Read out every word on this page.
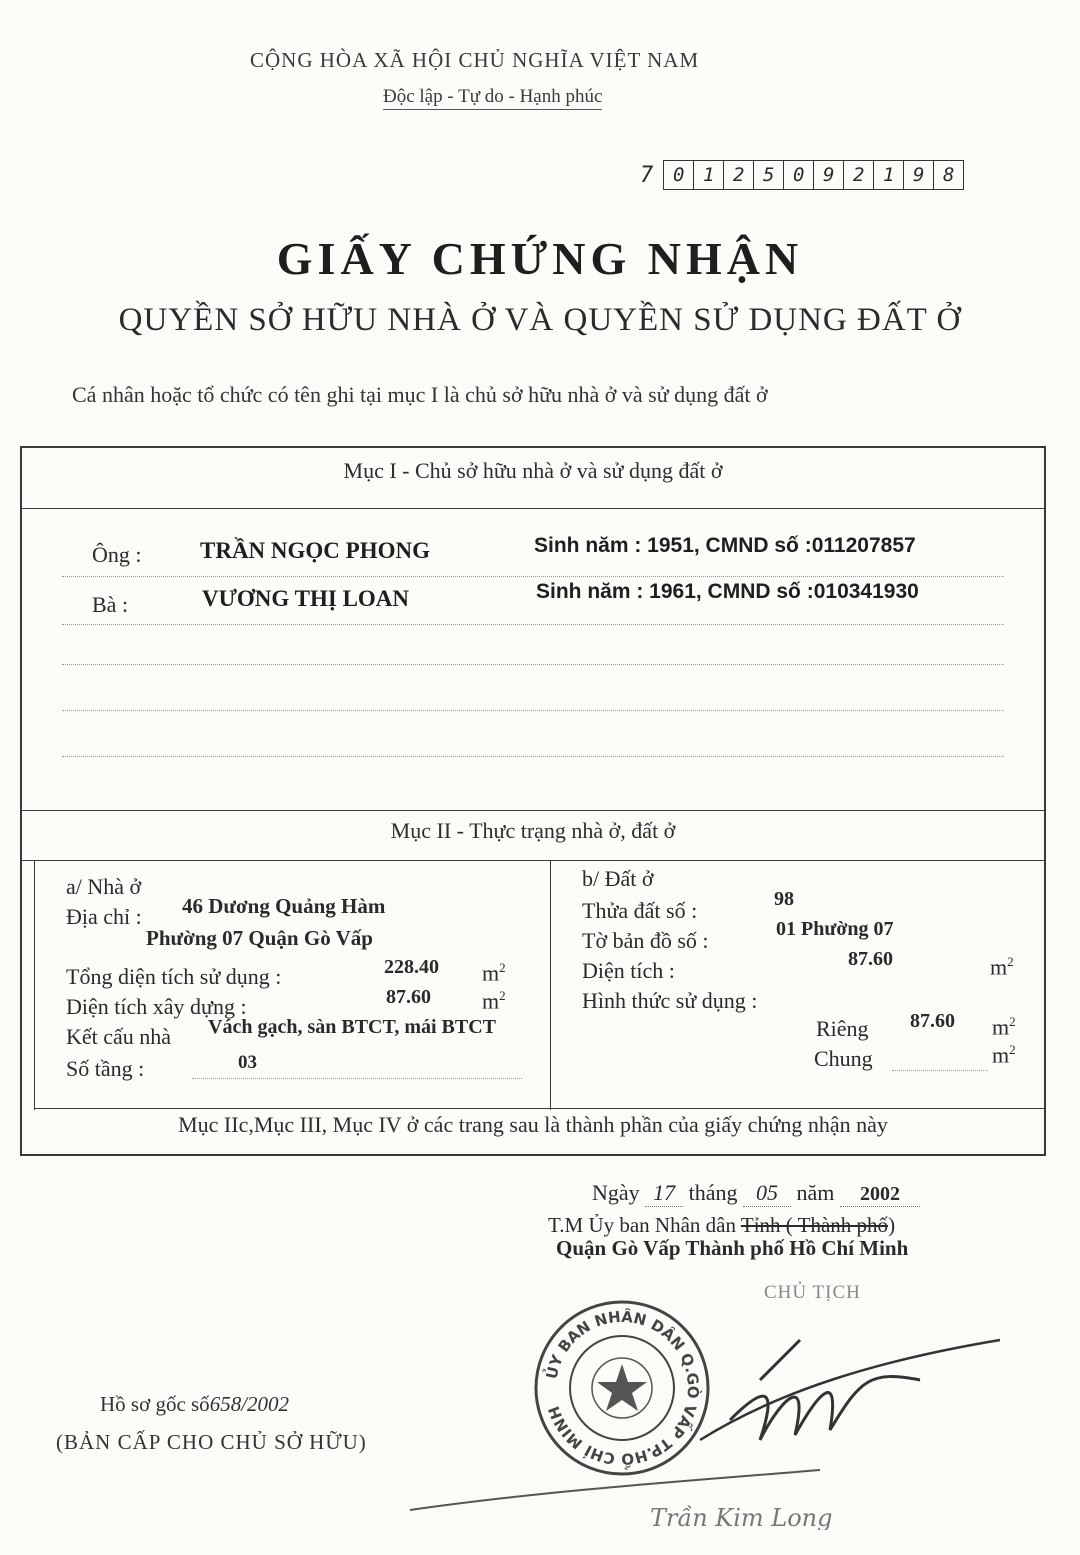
CỘNG HÒA XÃ HỘI CHỦ NGHĨA VIỆT NAM
Độc lập - Tự do - Hạnh phúc
7	0 1 2 5 0 9 2 1 9 8
GIẤY CHỨNG NHẬN
QUYỀN SỞ HỮU NHÀ Ở VÀ QUYỀN SỬ DỤNG ĐẤT Ở
Cá nhân hoặc tổ chức có tên ghi tại mục I là chủ sở hữu nhà ở và sử dụng đất ở
Mục I - Chủ sở hữu nhà ở và sử dụng đất ở
Ông :	TRẦN NGỌC PHONG	Sinh năm : 1951, CMND số :011207857
Bà :	VƯƠNG THỊ LOAN	Sinh năm : 1961, CMND số :010341930
Mục II - Thực trạng nhà ở, đất ở
a/ Nhà ở
Địa chỉ : 46 Dương Quảng Hàm
Phường 07 Quận Gò Vấp
Tổng diện tích sử dụng :	228.40 $m^2$
Diện tích xây dựng :	87.60 $m^2$
Kết cấu nhà Vách gạch, sàn BTCT, mái BTCT
Số tầng :	03
b/ Đất ở
Thửa đất số :	98
Tờ bản đồ số :	01 Phường 07
Diện tích :	87.60	$m^2$
Hình thức sử dụng :
Riêng 87.60 $m^2$
Chung	$m^2$
Mục IIc,Mục III, Mục IV ở các trang sau là thành phần của giấy chứng nhận này
Ngày 17 tháng 05 năm 2002
T.M Ủy ban Nhân dân Tỉnh ( Thành phố)
Quận Gò Vấp Thành phố Hồ Chí Minh
CHỦ TỊCH
ỦY BAN NHÂN DÂN Q.GÒ VẤP TP.HỒ CHÍ MINH
Trần Kim Long
Hồ sơ gốc số658/2002
(BẢN CẤP CHO CHỦ SỞ HỮU)
